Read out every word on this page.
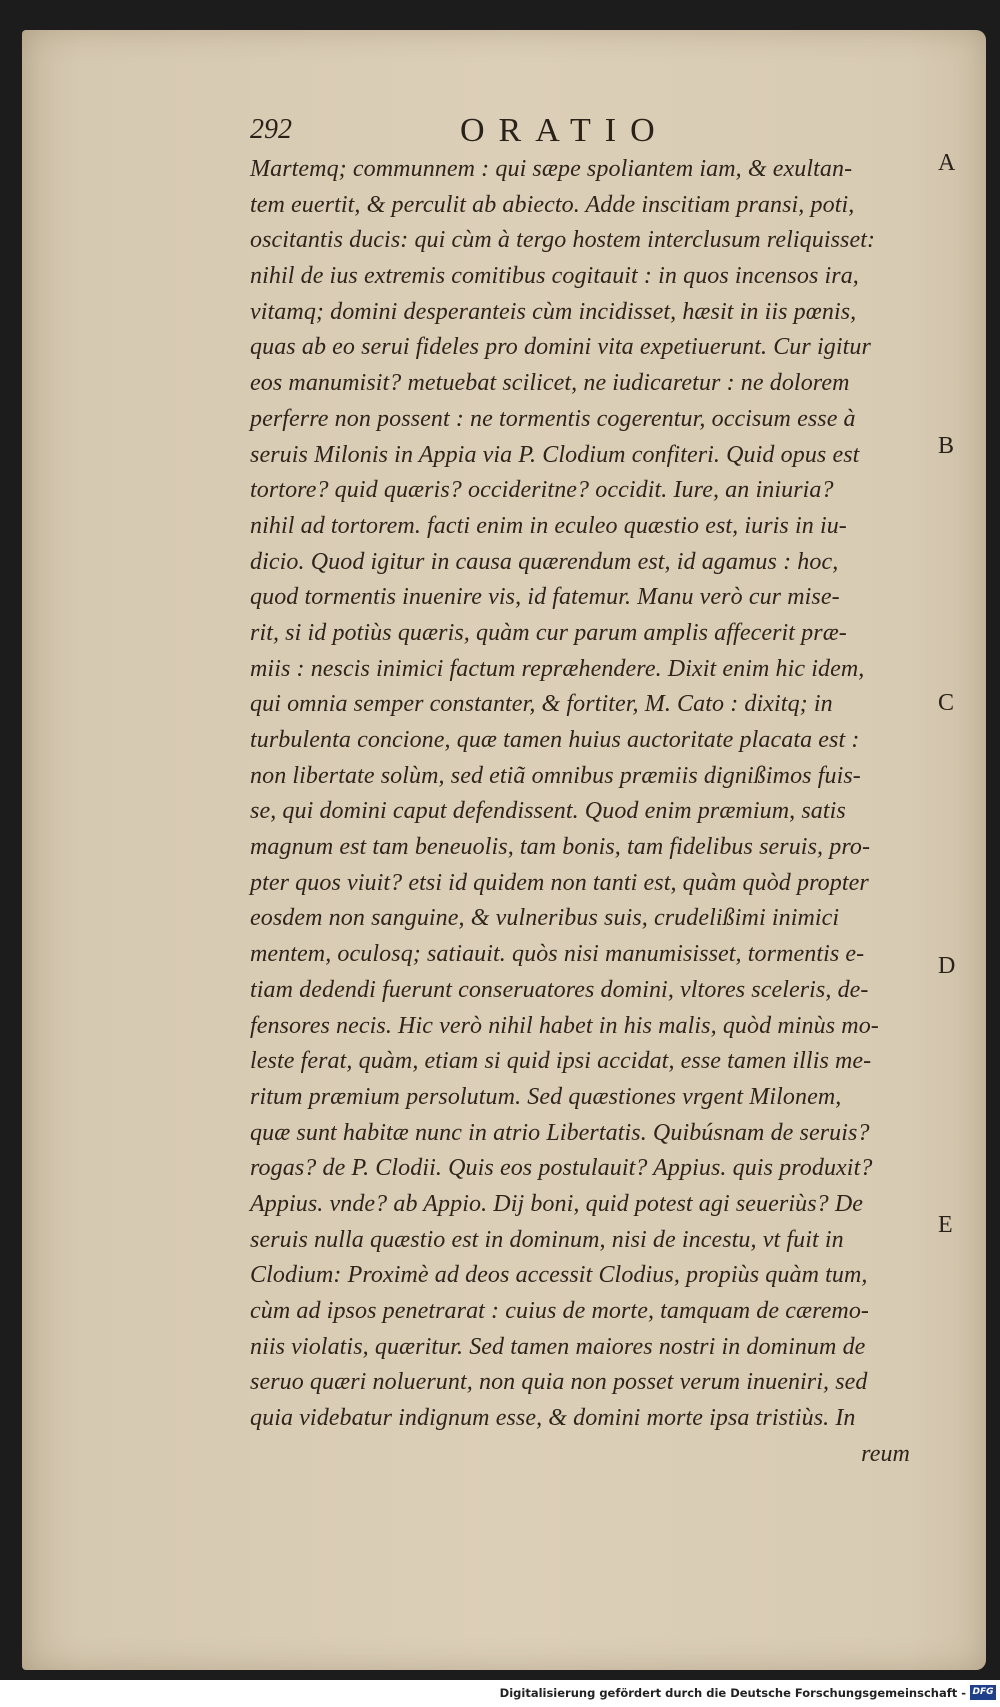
292	ORATIO
Martemq; communnem : qui sæpe spoliantem iam, & exultan-
tem euertit, & perculit ab abiecto. Adde inscitiam pransi, poti,
oscitantis ducis: qui cùm à tergo hostem interclusum reliquisset:
nihil de ius extremis comitibus cogitauit : in quos incensos ira,
vitamq; domini desperanteis cùm incidisset, hæsit in iis pœnis,
quas ab eo serui fideles pro domini vita expetiuerunt. Cur igitur
eos manumisit? metuebat scilicet, ne iudicaretur : ne dolorem
perferre non possent : ne tormentis cogerentur, occisum esse à
seruis Milonis in Appia via P. Clodium confiteri. Quid opus est
tortore? quid quæris? occideritne? occidit. Iure, an iniuria?
nihil ad tortorem. facti enim in eculeo quæstio est, iuris in iu-
dicio. Quod igitur in causa quærendum est, id agamus : hoc,
quod tormentis inuenire vis, id fatemur. Manu verò cur mise-
rit, si id potiùs quæris, quàm cur parum amplis affecerit præ-
miis : nescis inimici factum repræhendere. Dixit enim hic idem,
qui omnia semper constanter, & fortiter, M. Cato : dixitq; in
turbulenta concione, quæ tamen huius auctoritate placata est :
non libertate solùm, sed etiã omnibus præmiis dignißimos fuis-
se, qui domini caput defendissent. Quod enim præmium, satis
magnum est tam beneuolis, tam bonis, tam fidelibus seruis, pro-
pter quos viuit? etsi id quidem non tanti est, quàm quòd propter
eosdem non sanguine, & vulneribus suis, crudelißimi inimici
mentem, oculosq; satiauit. quòs nisi manumisisset, tormentis e-
tiam dedendi fuerunt conseruatores domini, vltores sceleris, de-
fensores necis. Hic verò nihil habet in his malis, quòd minùs mo-
leste ferat, quàm, etiam si quid ipsi accidat, esse tamen illis me-
ritum præmium persolutum. Sed quæstiones vrgent Milonem,
quæ sunt habitæ nunc in atrio Libertatis. Quibúsnam de seruis?
rogas? de P. Clodii. Quis eos postulauit? Appius. quis produxit?
Appius. vnde? ab Appio. Dij boni, quid potest agi seueriùs? De
seruis nulla quæstio est in dominum, nisi de incestu, vt fuit in
Clodium: Proximè ad deos accessit Clodius, propiùs quàm tum,
cùm ad ipsos penetrarat : cuius de morte, tamquam de cæremo-
niis violatis, quæritur. Sed tamen maiores nostri in dominum de
seruo quæri noluerunt, non quia non posset verum inueniri, sed
quia videbatur indignum esse, & domini morte ipsa tristiùs. In
reum
A
B
C
D
E
Digitalisierung gefördert durch die Deutsche Forschungsgemeinschaft - DFG
